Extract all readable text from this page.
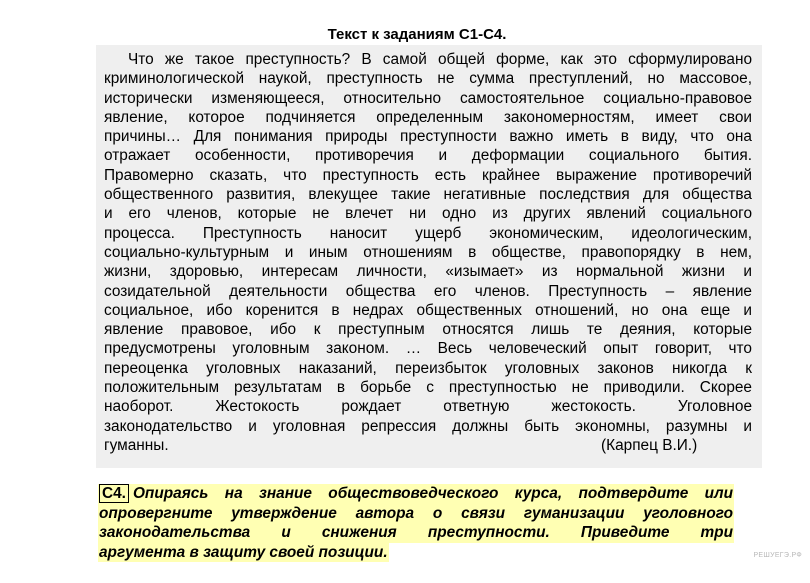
Текст к заданиям С1-С4.
Что же такое преступность? В самой общей форме, как это сформулировано
криминологической наукой, преступность не сумма преступлений, но массовое,
исторически изменяющееся, относительно самостоятельное социально-правовое
явление, которое подчиняется определенным закономерностям, имеет свои
причины… Для понимания природы преступности важно иметь в виду, что она
отражает особенности, противоречия и деформации социального бытия.
Правомерно сказать, что преступность есть крайнее выражение противоречий
общественного развития, влекущее такие негативные последствия для общества
и его членов, которые не влечет ни одно из других явлений социального
процесса. Преступность наносит ущерб экономическим, идеологическим,
социально-культурным и иным отношениям в обществе, правопорядку в нем,
жизни, здоровью, интересам личности, «изымает» из нормальной жизни и
созидательной деятельности общества его членов. Преступность – явление
социальное, ибо коренится в недрах общественных отношений, но она еще и
явление правовое, ибо к преступным относятся лишь те деяния, которые
предусмотрены уголовным законом. … Весь человеческий опыт говорит, что
переоценка уголовных наказаний, переизбыток уголовных законов никогда к
положительным результатам в борьбе с преступностью не приводили. Скорее
наоборот. Жестокость рождает ответную жестокость. Уголовное
законодательство и уголовная репрессия должны быть экономны, разумны и
гуманны.	(Карпец В.И.)
С4. Опираясь на знание обществоведческого курса, подтвердите или
опровергните утверждение автора о связи гуманизации уголовного
законодательства и снижения преступности. Приведите три
аргумента в защиту своей позиции.	РЕШУЕГЭ.РФ
